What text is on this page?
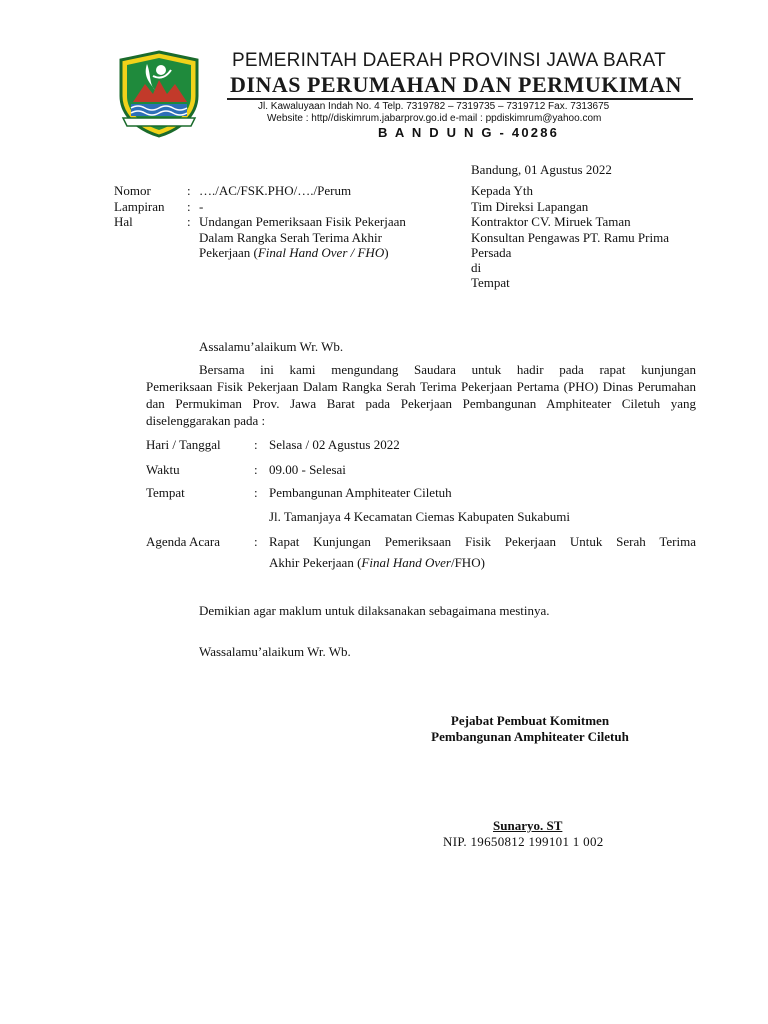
PEMERINTAH DAERAH PROVINSI JAWA BARAT
DINAS PERUMAHAN DAN PERMUKIMAN
Jl. Kawaluyaan Indah No. 4 Telp. 7319782 – 7319735 – 7319712 Fax. 7313675
Website : http//diskimrum.jabarprov.go.id e-mail : ppdiskimrum@yahoo.com
B A N D U N G - 40286
Bandung, 01 Agustus 2022
Nomor	: …./AC/FSK.PHO/…./Perum
Lampiran : -
Hal	: Undangan Pemeriksaan Fisik Pekerjaan
Dalam Rangka Serah Terima Akhir
Pekerjaan (Final Hand Over / FHO)
Kepada Yth
Tim Direksi Lapangan
Kontraktor CV. Miruek Taman
Konsultan Pengawas PT. Ramu Prima
Persada
di
Tempat
Assalamu’alaikum Wr. Wb.
Bersama ini kami mengundang Saudara untuk hadir pada rapat kunjungan
Pemeriksaan Fisik Pekerjaan Dalam Rangka Serah Terima Pekerjaan Pertama (PHO) Dinas Perumahan dan Permukiman Prov. Jawa Barat pada Pekerjaan Pembangunan Amphiteater Ciletuh yang diselenggarakan pada :
Hari / Tanggal	: Selasa / 02 Agustus 2022
Waktu	: 09.00 - Selesai
Tempat	: Pembangunan Amphiteater Ciletuh
Jl. Tamanjaya 4 Kecamatan Ciemas Kabupaten Sukabumi
Agenda Acara	: Rapat Kunjungan Pemeriksaan Fisik Pekerjaan Untuk Serah Terima
Akhir Pekerjaan (Final Hand Over/FHO)
Demikian agar maklum untuk dilaksanakan sebagaimana mestinya.
Wassalamu’alaikum Wr. Wb.
Pejabat Pembuat Komitmen
Pembangunan Amphiteater Ciletuh
Sunaryo. ST
NIP. 19650812 199101 1 002
